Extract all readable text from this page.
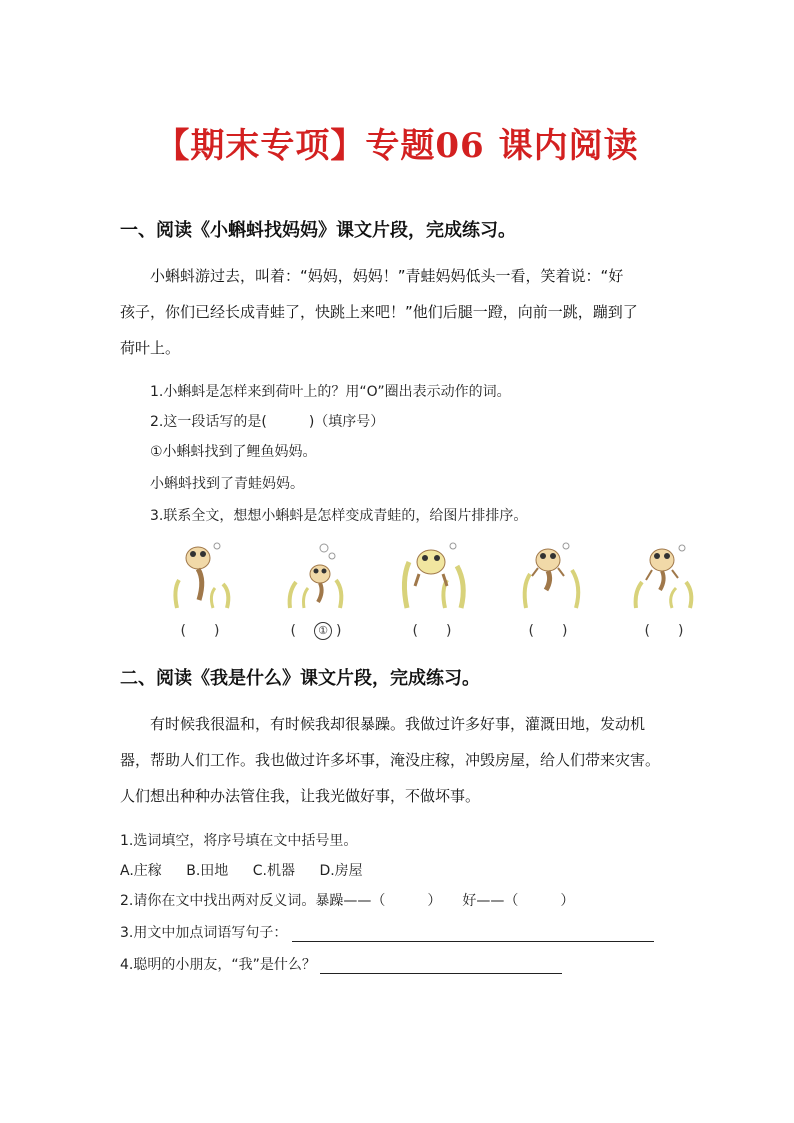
【期末专项】专题06 课内阅读
一、阅读《小蝌蚪找妈妈》课文片段，完成练习。
小蝌蚪游过去，叫着：“妈妈，妈妈！”青蛙妈妈低头一看，笑着说：“好
孩子，你们已经长成青蛙了，快跳上来吧！”他们后腿一蹬，向前一跳，蹦到了
荷叶上。
1.小蝌蚪是怎样来到荷叶上的？用“O”圈出表示动作的词。
2.这一段话写的是(　　　)（填序号）
①小蝌蚪找到了鲤鱼妈妈。
小蝌蚪找到了青蛙妈妈。
3.联系全文，想想小蝌蚪是怎样变成青蛙的，给图片排排序。
(　　)	(　① )	(　　)	(　　)	(　　)
二、阅读《我是什么》课文片段，完成练习。
有时候我很温和，有时候我却很暴躁。我做过许多好事，灌溉田地，发动机
器，帮助人们工作。我也做过许多坏事，淹没庄稼，冲毁房屋，给人们带来灾害。
人们想出种种办法管住我，让我光做好事，不做坏事。
1.选词填空，将序号填在文中括号里。
A.庄稼 B.田地 C.机器 D.房屋
2.请你在文中找出两对反义词。暴躁——（　　　）　　好——（　　　）
3.用文中加点词语写句子：
4.聪明的小朋友，“我”是什么？
